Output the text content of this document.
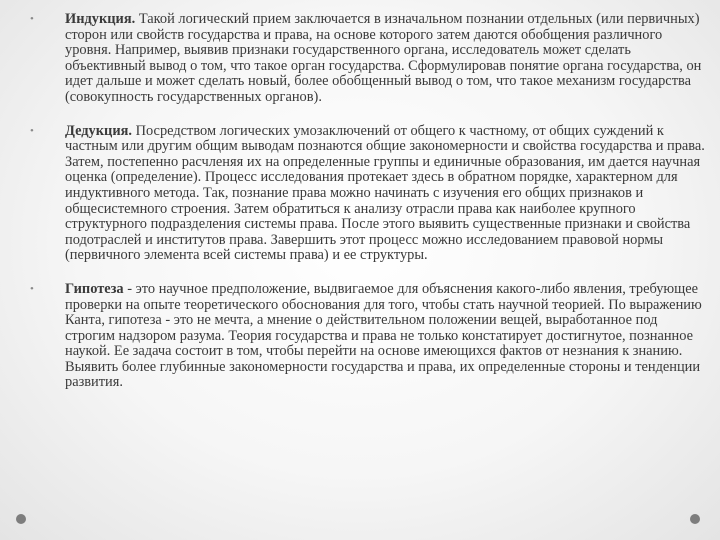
• Индукция. Такой логический прием заключается в изначальном познании отдельных (или первичных) сторон или свойств государства и права, на основе которого затем даются обобщения различного уровня. Например, выявив признаки государственного органа, исследователь может сделать объективный вывод о том, что такое орган государства. Сформулировав понятие органа государства, он идет дальше и может сделать новый, более обобщенный вывод о том, что такое механизм государства (совокупность государственных органов).

• Дедукция. Посредством логических умозаключений от общего к частному, от общих суждений к частным или другим общим выводам познаются общие закономерности и свойства государства и права. Затем, постепенно расчленяя их на определенные группы и единичные образования, им дается научная оценка (определение). Процесс исследования протекает здесь в обратном порядке, характерном для индуктивного метода. Так, познание права можно начинать с изучения его общих признаков и общесистемного строения. Затем обратиться к анализу отрасли права как наиболее крупного структурного подразделения системы права. После этого выявить существенные признаки и свойства подотраслей и институтов права. Завершить этот процесс можно исследованием правовой нормы (первичного элемента всей системы права) и ее структуры.

• Гипотеза - это научное предположение, выдвигаемое для объяснения какого-либо явления, требующее проверки на опыте теоретического обоснования для того, чтобы стать научной теорией. По выражению Канта, гипотеза - это не мечта, а мнение о действительном положении вещей, выработанное под строгим надзором разума. Теория государства и права не только констатирует достигнутое, познанное наукой. Ее задача состоит в том, чтобы перейти на основе имеющихся фактов от незнания к знанию. Выявить более глубинные закономерности государства и права, их определенные стороны и тенденции развития.
